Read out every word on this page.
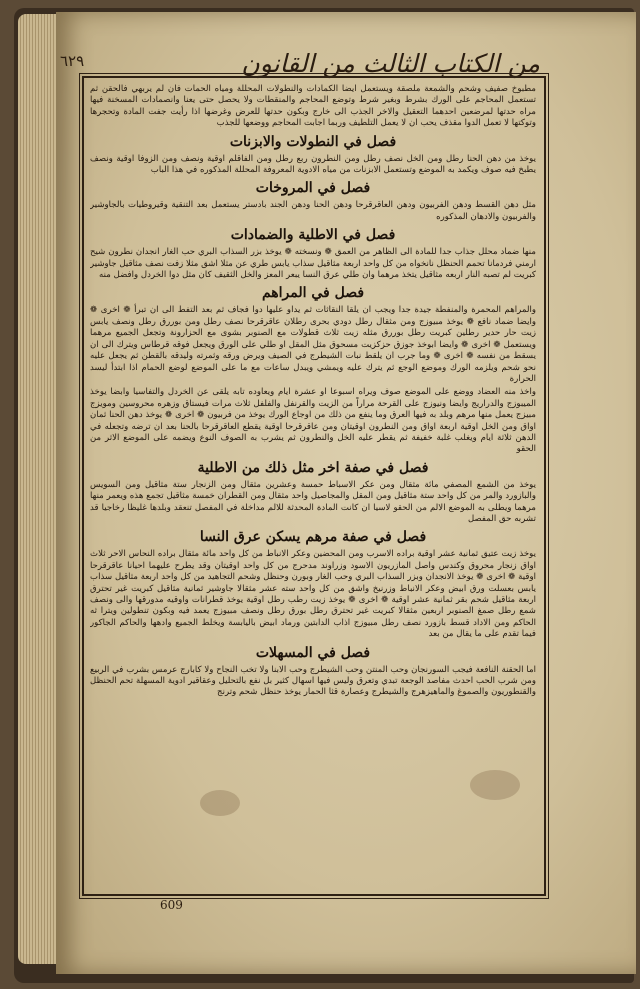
٦٢٩	من الكتاب الثالث من القانون
مطبوخ صفيف وشحم والشمعة ملصقة ويستعمل ايضا الكمادات والنطولات المحللة ومياه الحمات فان لم يربهي فالحقن ثم تستعمل المحاجم على الورك بشرط وبغير شرط وتوضع المحاجم والمنقطات ولا يحصل حتى يعنا وانصمادات المسخنة فيها مراه حدتها لمرضعين احدهما التعقيل والاخر الجذب الى خارج وبكون حدتها للعرض وغرضها اذا رأيت جفت المادة وتحجرها وتوكتها لا تعمل الدوا مقذف يحب ان لا يعمل التلطيف وربما اجابت المحاجم ووضعها للجذب
فصل في النطولات والابزنات
يوخذ من دهن الحنا رطل ومن الخل نصف رطل ومن النطرون ربع رطل ومن الفاقلم اوقية ونصف ومن الزوفا اوقية ونصف يطبخ فيه صوف ويكمد به الموضع وتستعمل الابزنات من مياه الادوية المعروفة المحللة المذكوره في هذا الباب
فصل في المروخات
مثل دهن القسط ودهن الفربيون ودهن العاقرقرحا ودهن الحنا ودهن الجند بادستر يستعمل بعد التنقية وقيروطيات بالجاوشير والفربيون والادهان المذكوره
فصل في الاطلية والضمادات
منها ضماد محلل جذاب جدا للمادة الى الظاهر من العمق ❁ ونسخته ❁ يوخذ بزر السذاب البري حب الغار انجدان نطرون شيح ارمني فردمانا تحمم الحنظل نانخواه من كل واحد اربعة مثاقيل سذاب يابس طري عن مثلا اشق مثلا زفت نصف مثاقيل جاوشير كبريت لم تصبه النار اربعه مثاقيل يتخذ مرهما وان طلي عرق النسا يبعر المعز والخل الثقيف كان مثل دوا الخردل وافضل منه
فصل في المراهم
والمراهم المحمرة والمنفطة جيدة جدا ويجب ان يلقا النقاثات ثم يداو عليها دوا فجاف ثم بعد التفط الى ان تبرأ ❁ اخرى ❁ وايضا ضماد نافع ❁ يوخذ مبيوزج ومن مثقال رطل دودي بحرى رطلان عاقرقرحا نصف رطل ومن بوررق رطل ونصف يابس زيت حار حدير رطلين كبريت رطل بوررق مثله زيت ثلاث قطولات مع الصنوبر بشوى مع الحزارونة وتجعل الجميع مرهما ويستعمل ❁ اخرى ❁ وايضا ابوخذ جوزق حزكزيت مسحوق مثل المقل او طلي على الورق ويجعل فوقه قرطاس ويترك الى ان يسقط من نفسه ❁ اخرى ❁ وما جرب ان يلقط نبات الشيطرج في الصيف ويرض ورقه وثمرته وليدقه بالقطن ثم يجعل عليه نحو شحم ويلزمه الورك وموضع الوجع ثم يترك عليه ويمشي ويبدل ساعات مع ما على الموضع لوضع الحمام اذا ابتدأ ليسد الحرارة
واخذ منه العضاد ووضع على الموضع صوف ويراه اسبوعا او عشرة ايام ويعاوده تابه يلقى عن الخردل والتفاسيا وابضا يوخذ الميبوزج والدراريج وايضا ونيوزج على القرحة مراراً من الزيت والقرنفل والفلفل ثلاث مرات فيستاق وزهره محروسين ومويزج مبيزج يعمل منها مرهم وبلد به فيها العرق وما ينفع من ذلك من اوجاع الورك يوخذ من فربيون ❁ اخرى ❁ يوخذ دهن الحنا ثمان اواق ومن الخل اوقية اربعة اواق ومن النطرون اوقيتان ومن عاقرقرحا اوقية يقطع العاقرقرحا بالحنا بعد ان ترضه وتجعله في الدهن ثلاثة ايام ويغلب غلبة خفيفة ثم يقطر عليه الخل والنطرون ثم يشرب به الصوف النوع ويضمه على الموضع الاثر من الحقو
فصل في صفة اخر مثل ذلك من الاطلية
يوخذ من الشمع المصفي مائة مثقال ومن عكر الاسباط حمسة وعشرين مثقال ومن الزنجار ستة مثاقيل ومن السويس والبازورد والمر من كل واحد ستة مثاقيل ومن المقل والمجاصيل واحد مثقال ومن القطران خمسة مثاقيل تجمع هذه ويعمر منها مرهما ويطلى به الموضع الالم من الحقو لاسيا ان كانت المادة المحدثة للالم مداخلة في المفصل تنعقد وبلدها غليظا رخاجيا قد تشربه حق المفصل
فصل في صفة مرهم يسكن عرق النسا
يوخذ زيت عتيق ثمانية عشر اوقية براده الاسرب ومن المحضين وعكر الانباط من كل واحد مائة مثقال براده النحاس الاحر ثلاث اواق زنجار محروق وكندس واصل المازريون الاسود وزراوند مدحرج من كل واحد اوقيتان وقد يطرح عليهما احيانا عاقرقرحا اوقية ❁ اخرى ❁ يوخذ الانجدان وبزر السذاب البري وحب الغار وبورن وحنظل وشحم التجاهيد من كل واحد اربعة مثاقيل سذاب يابس بعسلت ورق ابيض وعكر الانباط وزرنيخ واشق من كل واحد سته عشر مثقالا جاوشير ثمانية مثاقيل كبريت غير تحترق اربعة مثاقيل شحم بقر ثمانية عشر اوقية ❁ اخرى ❁ يوخذ زيت رطب رطل اوقية يوخذ قطرانات واوقيه مدورقها والى ونصف شمع رطل صمغ الصنوبر اربعين مثقالا كبريت غير تحترق رطل بورق رطل ونصف مبيوزج يعمد فيه وبكون تنطولين ويترا ثه الحاكم ومن الاداد قسط بازورد نصف رطل مبيوزج اذاب الدابتين ورماد ابيض باليابسة ويخلط الجميع وادهها والحاكم الجاكور فيما تقدم على ما يقال من بعد
فصل في المسهلات
اما الحقنة النافعة فيجب السورنجان وحب المنتن وحب الشيطرج وحب الابنا ولا تخب النجاح ولا كابارج عرمس بشرب في الربيع ومن شرب الحب احدث مفاصد الوجعة تبدي وتعرق وليس فيها اسهال كثير بل نفع بالتحليل وعقاقير ادوية المسهلة تحم الحنظل والقنطوريون والصموغ والماهيزهرج والشيطرج وعصارة قثا الحمار يوخذ حنظل شحم وترنج
609
